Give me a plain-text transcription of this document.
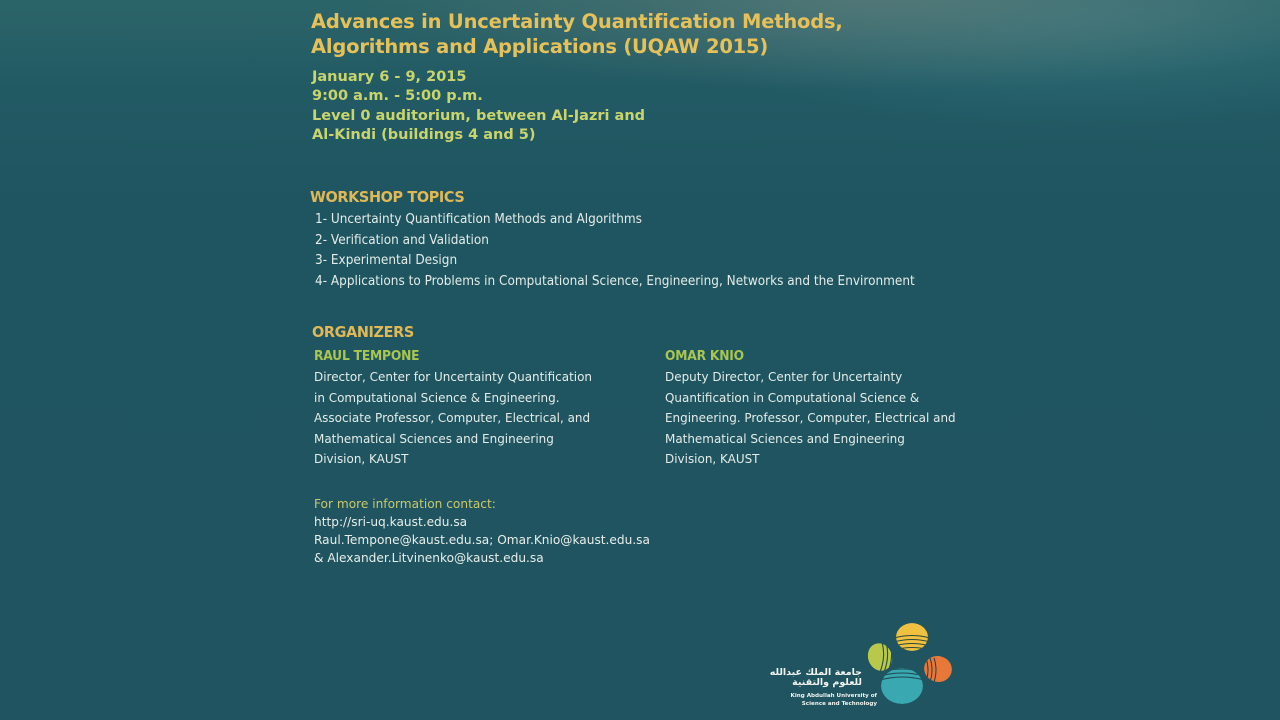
Advances in Uncertainty Quantification Methods,
Algorithms and Applications (UQAW 2015)
January 6 - 9, 2015
9:00 a.m. - 5:00 p.m.
Level 0 auditorium, between Al-Jazri and
Al-Kindi (buildings 4 and 5)
WORKSHOP TOPICS
1- Uncertainty Quantification Methods and Algorithms
2- Verification and Validation
3- Experimental Design
4- Applications to Problems in Computational Science, Engineering, Networks and the Environment
ORGANIZERS
RAUL TEMPONE
Director, Center for Uncertainty Quantification
in Computational Science & Engineering.
Associate Professor, Computer, Electrical, and
Mathematical Sciences and Engineering
Division, KAUST
OMAR KNIO
Deputy Director, Center for Uncertainty
Quantification in Computational Science &
Engineering. Professor, Computer, Electrical and
Mathematical Sciences and Engineering
Division, KAUST
For more information contact:
http://sri-uq.kaust.edu.sa
Raul.Tempone@kaust.edu.sa; Omar.Knio@kaust.edu.sa
& Alexander.Litvinenko@kaust.edu.sa
جامعة الملك عبدالله
للعلوم والتقنية
King Abdullah University of
Science and Technology
